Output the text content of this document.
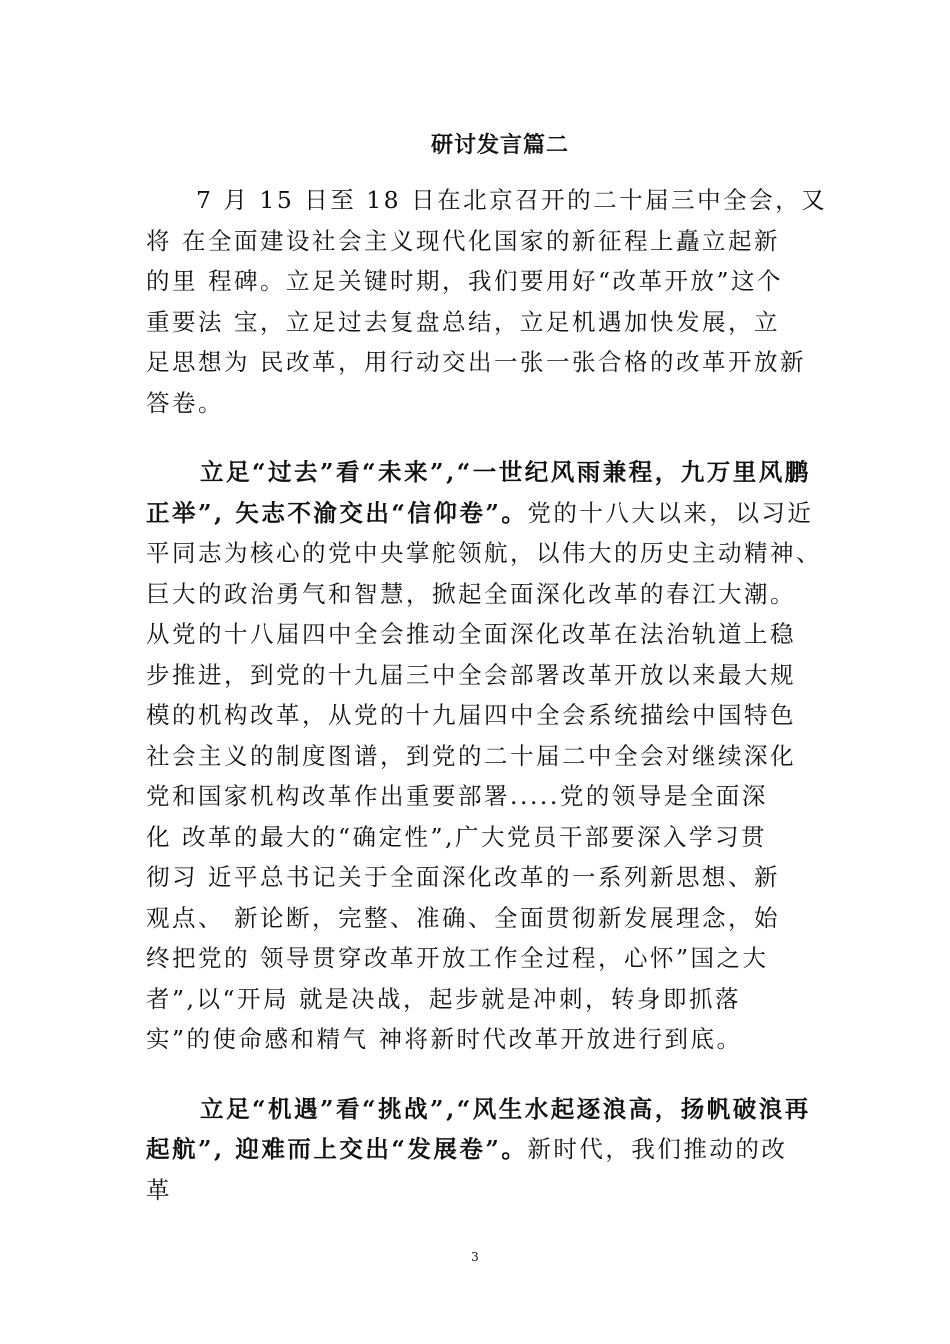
研讨发言篇二
7 月 15 日至 18 日在北京召开的二十届三中全会，又
将 在全面建设社会主义现代化国家的新征程上矗立起新
的里 程碑。立足关键时期，我们要用好“改革开放”这个
重要法 宝，立足过去复盘总结，立足机遇加快发展，立
足思想为 民改革，用行动交出一张一张合格的改革开放新
答卷。
立足“过去”看“未来”,“一世纪风雨兼程，九万里风鹏
正举”, 矢志不渝交出“信仰卷”。党的十八大以来，以习近
平同志为核心的党中央掌舵领航，以伟大的历史主动精神、
巨大的政治勇气和智慧，掀起全面深化改革的春江大潮。
从党的十八届四中全会推动全面深化改革在法治轨道上稳
步推进，到党的十九届三中全会部署改革开放以来最大规
模的机构改革，从党的十九届四中全会系统描绘中国特色
社会主义的制度图谱，到党的二十届二中全会对继续深化
党和国家机构改革作出重要部署.....党的领导是全面深
化 改革的最大的“确定性”,广大党员干部要深入学习贯
彻习 近平总书记关于全面深化改革的一系列新思想、新
观点、 新论断，完整、准确、全面贯彻新发展理念，始
终把党的 领导贯穿改革开放工作全过程，心怀”国之大
者”,以“开局 就是决战，起步就是冲刺，转身即抓落
实”的使命感和精气 神将新时代改革开放进行到底。
立足“机遇”看“挑战”,“风生水起逐浪高，扬帆破浪再
起航”, 迎难而上交出“发展卷”。新时代，我们推动的改
革
3
